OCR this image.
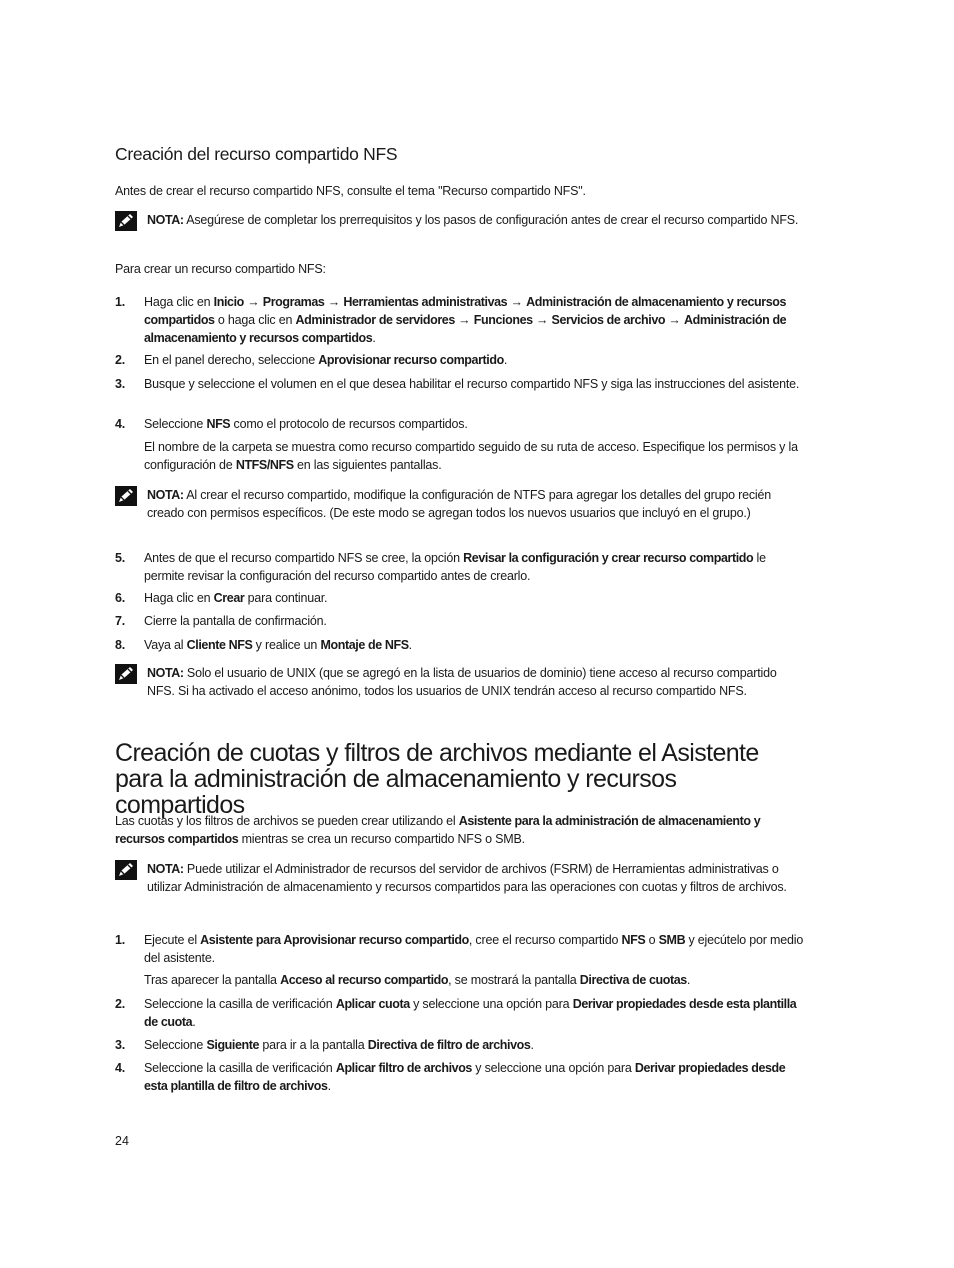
Creación del recurso compartido NFS
Antes de crear el recurso compartido NFS, consulte el tema "Recurso compartido NFS".
NOTA: Asegúrese de completar los prerrequisitos y los pasos de configuración antes de crear el recurso compartido NFS.
Para crear un recurso compartido NFS:
1. Haga clic en Inicio → Programas → Herramientas administrativas → Administración de almacenamiento y recursos compartidos o haga clic en Administrador de servidores → Funciones → Servicios de archivo → Administración de almacenamiento y recursos compartidos.
2. En el panel derecho, seleccione Aprovisionar recurso compartido.
3. Busque y seleccione el volumen en el que desea habilitar el recurso compartido NFS y siga las instrucciones del asistente.
4. Seleccione NFS como el protocolo de recursos compartidos.
El nombre de la carpeta se muestra como recurso compartido seguido de su ruta de acceso. Especifique los permisos y la configuración de NTFS/NFS en las siguientes pantallas.
NOTA: Al crear el recurso compartido, modifique la configuración de NTFS para agregar los detalles del grupo recién creado con permisos específicos. (De este modo se agregan todos los nuevos usuarios que incluyó en el grupo.)
5. Antes de que el recurso compartido NFS se cree, la opción Revisar la configuración y crear recurso compartido le permite revisar la configuración del recurso compartido antes de crearlo.
6. Haga clic en Crear para continuar.
7. Cierre la pantalla de confirmación.
8. Vaya al Cliente NFS y realice un Montaje de NFS.
NOTA: Solo el usuario de UNIX (que se agregó en la lista de usuarios de dominio) tiene acceso al recurso compartido NFS. Si ha activado el acceso anónimo, todos los usuarios de UNIX tendrán acceso al recurso compartido NFS.
Creación de cuotas y filtros de archivos mediante el Asistente para la administración de almacenamiento y recursos compartidos
Las cuotas y los filtros de archivos se pueden crear utilizando el Asistente para la administración de almacenamiento y recursos compartidos mientras se crea un recurso compartido NFS o SMB.
NOTA: Puede utilizar el Administrador de recursos del servidor de archivos (FSRM) de Herramientas administrativas o utilizar Administración de almacenamiento y recursos compartidos para las operaciones con cuotas y filtros de archivos.
1. Ejecute el Asistente para Aprovisionar recurso compartido, cree el recurso compartido NFS o SMB y ejecútelo por medio del asistente.
Tras aparecer la pantalla Acceso al recurso compartido, se mostrará la pantalla Directiva de cuotas.
2. Seleccione la casilla de verificación Aplicar cuota y seleccione una opción para Derivar propiedades desde esta plantilla de cuota.
3. Seleccione Siguiente para ir a la pantalla Directiva de filtro de archivos.
4. Seleccione la casilla de verificación Aplicar filtro de archivos y seleccione una opción para Derivar propiedades desde esta plantilla de filtro de archivos.
24
